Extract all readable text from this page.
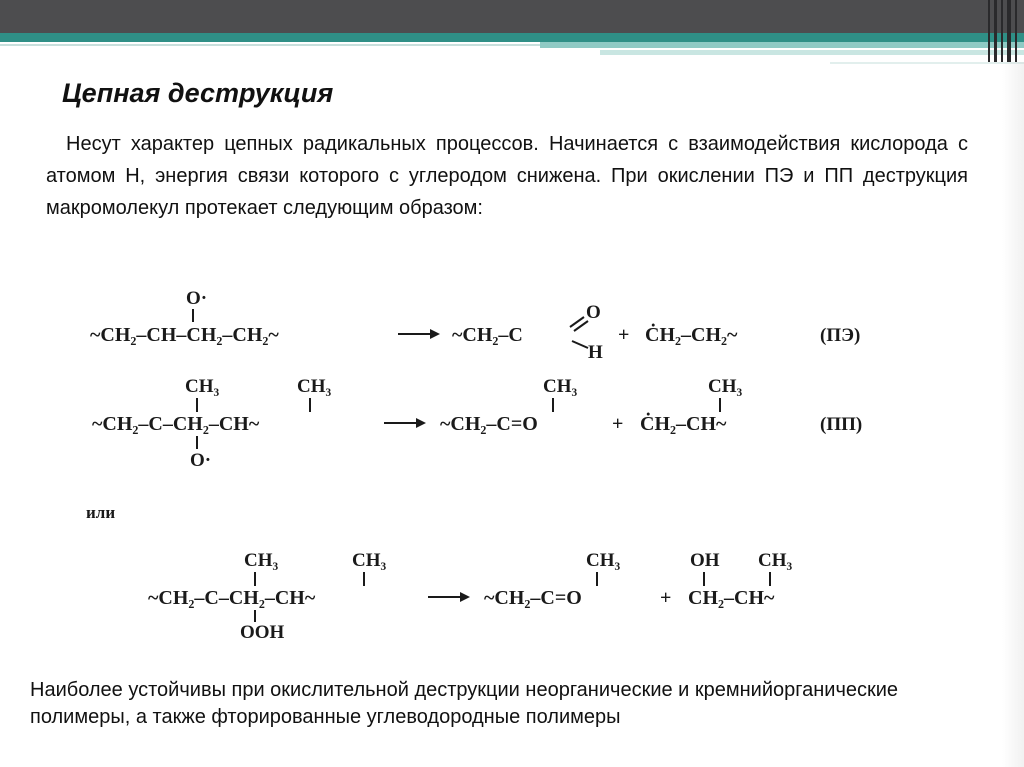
Цепная деструкция

Несут характер цепных радикальных процессов. Начинается с взаимодействия кислорода с атомом Н, энергия связи которого с углеродом снижена. При окислении ПЭ и ПП деструкция макромолекул протекает следующим образом:

O·
~CH₂–CH–CH₂–CH₂~	~CH₂–C
O
H
+ ĊH₂–CH₂~	(ПЭ)
CH₃	CH₃
~CH₂–C–CH₂–CH~
O·
CH₃
~CH₂–C=O	+
CH₃
ĊH₂–CH~	(ПП)
или
CH₃	CH₃
~CH₂–C–CH₂–CH~
OOH
CH₃
~CH₂–C=O	+
OH CH₃
CH₂–CH~

Наиболее устойчивы при окислительной деструкции неорганические и кремнийорганические полимеры, а также фторированные углеводородные полимеры
